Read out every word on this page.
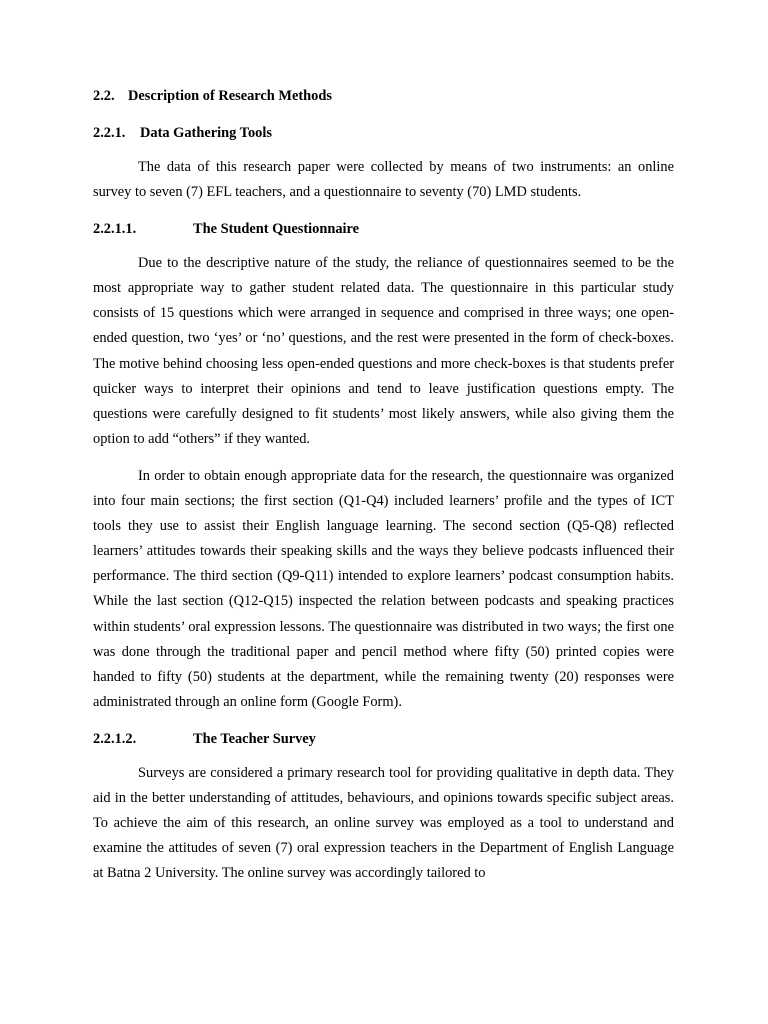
2.2. Description of Research Methods
2.2.1. Data Gathering Tools

The data of this research paper were collected by means of two instruments: an online survey to seven (7) EFL teachers, and a questionnaire to seventy (70) LMD students.

2.2.1.1.	The Student Questionnaire

Due to the descriptive nature of the study, the reliance of questionnaires seemed to be the most appropriate way to gather student related data. The questionnaire in this particular study consists of 15 questions which were arranged in sequence and comprised in three ways; one open-ended question, two ‘yes’ or ‘no’ questions, and the rest were presented in the form of check-boxes. The motive behind choosing less open-ended questions and more check-boxes is that students prefer quicker ways to interpret their opinions and tend to leave justification questions empty. The questions were carefully designed to fit students’ most likely answers, while also giving them the option to add “others” if they wanted.

In order to obtain enough appropriate data for the research, the questionnaire was organized into four main sections; the first section (Q1-Q4) included learners’ profile and the types of ICT tools they use to assist their English language learning. The second section (Q5-Q8) reflected learners’ attitudes towards their speaking skills and the ways they believe podcasts influenced their performance. The third section (Q9-Q11) intended to explore learners’ podcast consumption habits. While the last section (Q12-Q15) inspected the relation between podcasts and speaking practices within students’ oral expression lessons. The questionnaire was distributed in two ways; the first one was done through the traditional paper and pencil method where fifty (50) printed copies were handed to fifty (50) students at the department, while the remaining twenty (20) responses were administrated through an online form (Google Form).

2.2.1.2.	The Teacher Survey

Surveys are considered a primary research tool for providing qualitative in depth data. They aid in the better understanding of attitudes, behaviours, and opinions towards specific subject areas. To achieve the aim of this research, an online survey was employed as a tool to understand and examine the attitudes of seven (7) oral expression teachers in the Department of English Language at Batna 2 University. The online survey was accordingly tailored to
